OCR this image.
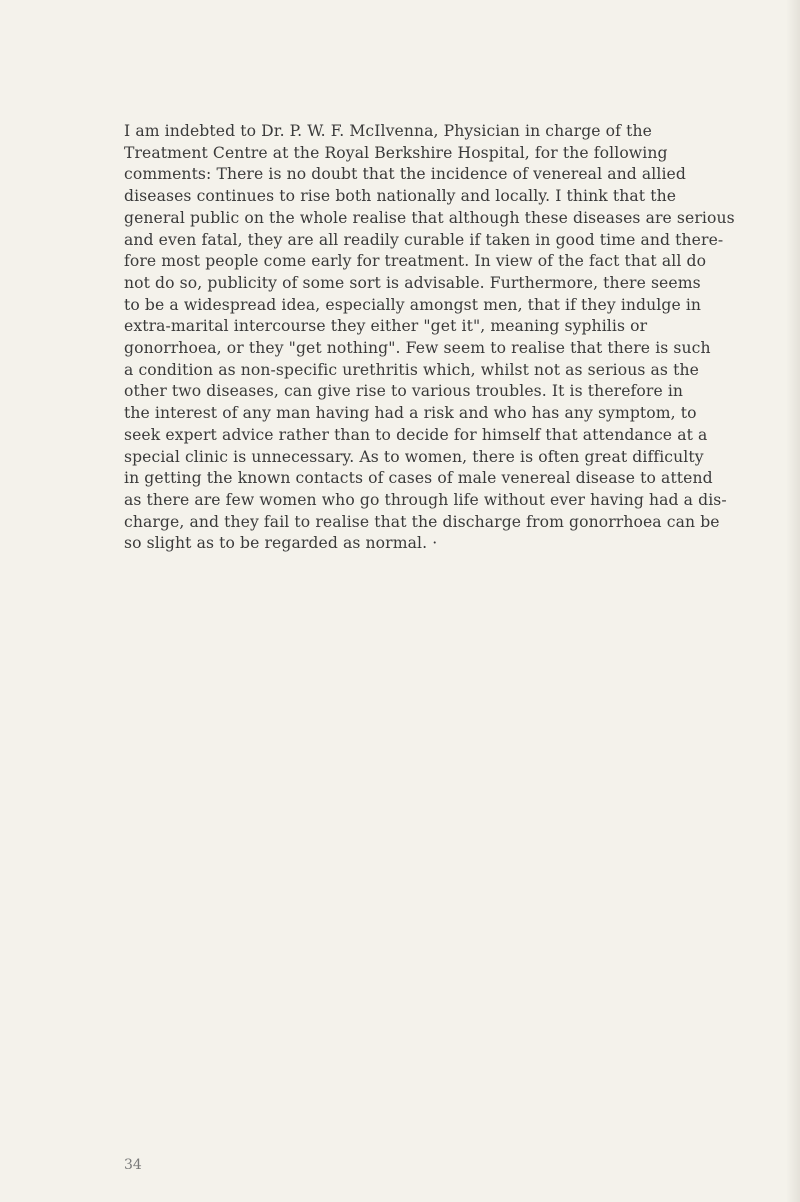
I am indebted to Dr. P. W. F. McIlvenna, Physician in charge of the
Treatment Centre at the Royal Berkshire Hospital, for the following
comments: There is no doubt that the incidence of venereal and allied
diseases continues to rise both nationally and locally. I think that the
general public on the whole realise that although these diseases are serious
and even fatal, they are all readily curable if taken in good time and there-
fore most people come early for treatment. In view of the fact that all do
not do so, publicity of some sort is advisable. Furthermore, there seems
to be a widespread idea, especially amongst men, that if they indulge in
extra-marital intercourse they either "get it", meaning syphilis or
gonorrhoea, or they "get nothing". Few seem to realise that there is such
a condition as non-specific urethritis which, whilst not as serious as the
other two diseases, can give rise to various troubles. It is therefore in
the interest of any man having had a risk and who has any symptom, to
seek expert advice rather than to decide for himself that attendance at a
special clinic is unnecessary. As to women, there is often great difficulty
in getting the known contacts of cases of male venereal disease to attend
as there are few women who go through life without ever having had a dis-
charge, and they fail to realise that the discharge from gonorrhoea can be
so slight as to be regarded as normal. ·

34
